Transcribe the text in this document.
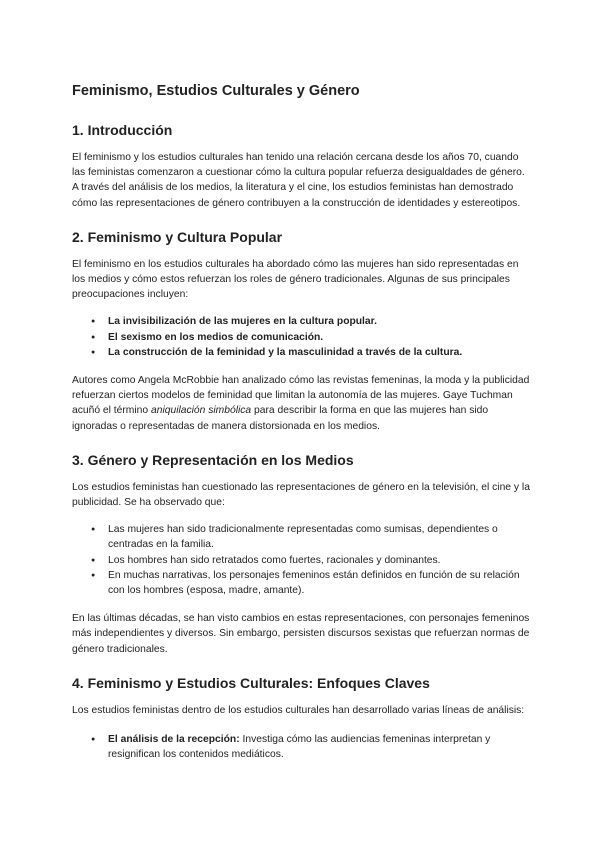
Feminismo, Estudios Culturales y Género
1. Introducción

El feminismo y los estudios culturales han tenido una relación cercana desde los años 70, cuando las feministas comenzaron a cuestionar cómo la cultura popular refuerza desigualdades de género. A través del análisis de los medios, la literatura y el cine, los estudios feministas han demostrado cómo las representaciones de género contribuyen a la construcción de identidades y estereotipos.

2. Feminismo y Cultura Popular

El feminismo en los estudios culturales ha abordado cómo las mujeres han sido representadas en los medios y cómo estos refuerzan los roles de género tradicionales. Algunas de sus principales preocupaciones incluyen:

● La invisibilización de las mujeres en la cultura popular.
● El sexismo en los medios de comunicación.
● La construcción de la feminidad y la masculinidad a través de la cultura.

Autores como Angela McRobbie han analizado cómo las revistas femeninas, la moda y la publicidad refuerzan ciertos modelos de feminidad que limitan la autonomía de las mujeres. Gaye Tuchman acuñó el término aniquilación simbólica para describir la forma en que las mujeres han sido ignoradas o representadas de manera distorsionada en los medios.

3. Género y Representación en los Medios

Los estudios feministas han cuestionado las representaciones de género en la televisión, el cine y la publicidad. Se ha observado que:

● Las mujeres han sido tradicionalmente representadas como sumisas, dependientes o centradas en la familia.
● Los hombres han sido retratados como fuertes, racionales y dominantes.
● En muchas narrativas, los personajes femeninos están definidos en función de su relación con los hombres (esposa, madre, amante).

En las últimas décadas, se han visto cambios en estas representaciones, con personajes femeninos más independientes y diversos. Sin embargo, persisten discursos sexistas que refuerzan normas de género tradicionales.

4. Feminismo y Estudios Culturales: Enfoques Claves

Los estudios feministas dentro de los estudios culturales han desarrollado varias líneas de análisis:

● El análisis de la recepción: Investiga cómo las audiencias femeninas interpretan y resignifican los contenidos mediáticos.
